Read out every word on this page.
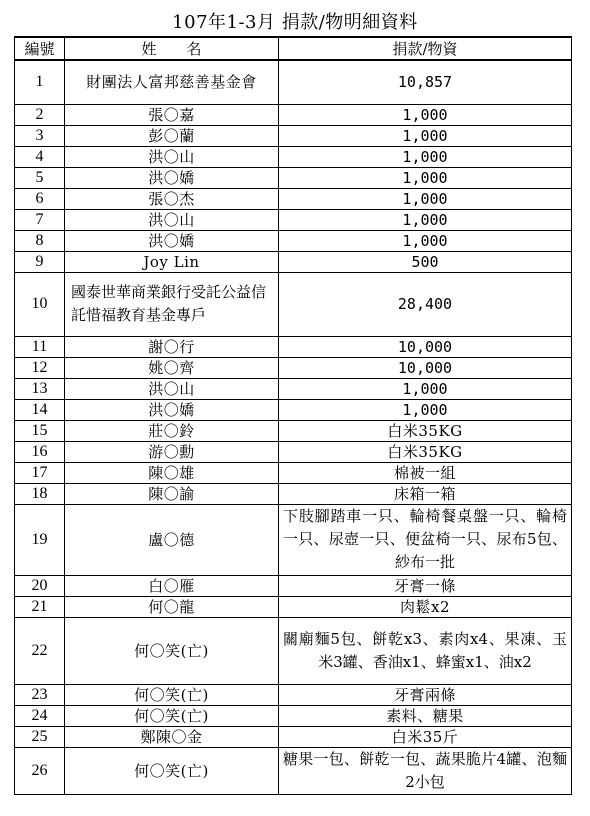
107年1-3月 捐款/物明細資料
編號	姓　　名	捐款/物資
1	財團法人富邦慈善基金會	10,857
2	張〇嘉	1,000
3	彭〇蘭	1,000
4	洪〇山	1,000
5	洪〇嬌	1,000
6	張〇杰	1,000
7	洪〇山	1,000
8	洪〇嬌	1,000
9	Joy Lin	500
10	國泰世華商業銀行受託公益信託惜福教育基金專戶	28,400
11	謝〇行	10,000
12	姚〇齊	10,000
13	洪〇山	1,000
14	洪〇嬌	1,000
15	莊〇鈴	白米35KG
16	游〇勳	白米35KG
17	陳〇雄	棉被一組
18	陳〇諭	床箱一箱
19	盧〇德	下肢腳踏車一只、輪椅餐桌盤一只、輪椅一只、尿壺一只、便盆椅一只、尿布5包、紗布一批
20	白〇雁	牙膏一條
21	何〇龍	肉鬆x2
22	何〇笑(亡)	關廟麵5包、餅乾x3、素肉x4、果凍、玉米3罐、香油x1、蜂蜜x1、油x2
23	何〇笑(亡)	牙膏兩條
24	何〇笑(亡)	素料、糖果
25	鄭陳〇金	白米35斤
26	何〇笑(亡)	糖果一包、餅乾一包、蔬果脆片4罐、泡麵2小包
